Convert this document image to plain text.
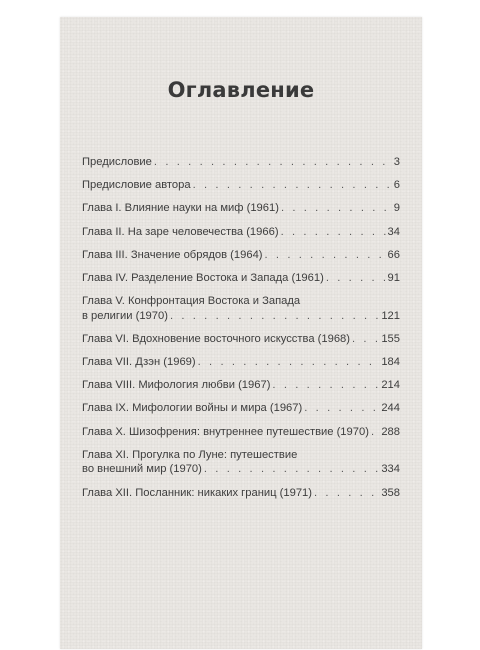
Оглавление
Предисловие . . .	3
Предисловие автора . . .	6
Глава I. Влияние науки на миф (1961) . . .	9
Глава II. На заре человечества (1966) . . .	34
Глава III. Значение обрядов (1964) . . .	66
Глава IV. Разделение Востока и Запада (1961) . . .	91
Глава V. Конфронтация Востока и Запада
в религии (1970) . . .	121
Глава VI. Вдохновение восточного искусства (1968) . . .	155
Глава VII. Дзэн (1969) . . .	184
Глава VIII. Мифология любви (1967) . . .	214
Глава IX. Мифологии войны и мира (1967) . . .	244
Глава X. Шизофрения: внутреннее путешествие (1970) . . . 288
Глава XI. Прогулка по Луне: путешествие
во внешний мир (1970) . . .	334
Глава XII. Посланник: никаких границ (1971) . . .	358
